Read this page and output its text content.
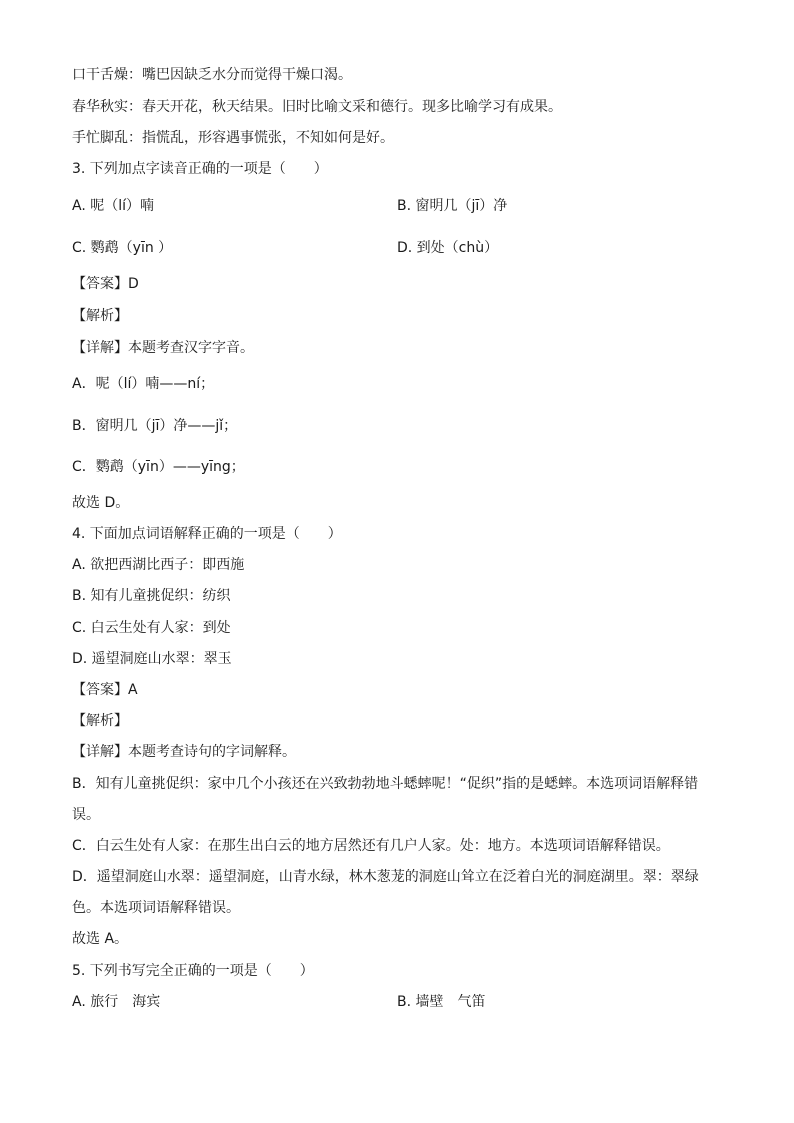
口干舌燥：嘴巴因缺乏水分而觉得干燥口渴。
春华秋实：春天开花，秋天结果。旧时比喻文采和德行。现多比喻学习有成果。
手忙脚乱：指慌乱，形容遇事慌张，不知如何是好。
3. 下列加点字读音正确的一项是（　　）
A. 呢（lí）喃	B. 窗明几（jī）净
C. 鹦鹉（yīn ）	D. 到处（chù）
【答案】D
【解析】
【详解】本题考查汉字字音。
A．呢（lí）喃——ní；
B．窗明几（jī）净——jǐ；
C．鹦鹉（yīn）——yīng；
故选 D。
4. 下面加点词语解释正确的一项是（　　）
A. 欲把西湖比西子：即西施
B. 知有儿童挑促织：纺织
C. 白云生处有人家：到处
D. 遥望洞庭山水翠：翠玉
【答案】A
【解析】
【详解】本题考查诗句的字词解释。
B．知有儿童挑促织：家中几个小孩还在兴致勃勃地斗蟋蟀呢！“促织”指的是蟋蟀。本选项词语解释错误。
C．白云生处有人家：在那生出白云的地方居然还有几户人家。处：地方。本选项词语解释错误。
D．遥望洞庭山水翠：遥望洞庭，山青水绿，林木葱茏的洞庭山耸立在泛着白光的洞庭湖里。翠：翠绿色。本选项词语解释错误。
故选 A。
5. 下列书写完全正确的一项是（　　）
A. 旅行　海宾	B. 墙壁　气笛
